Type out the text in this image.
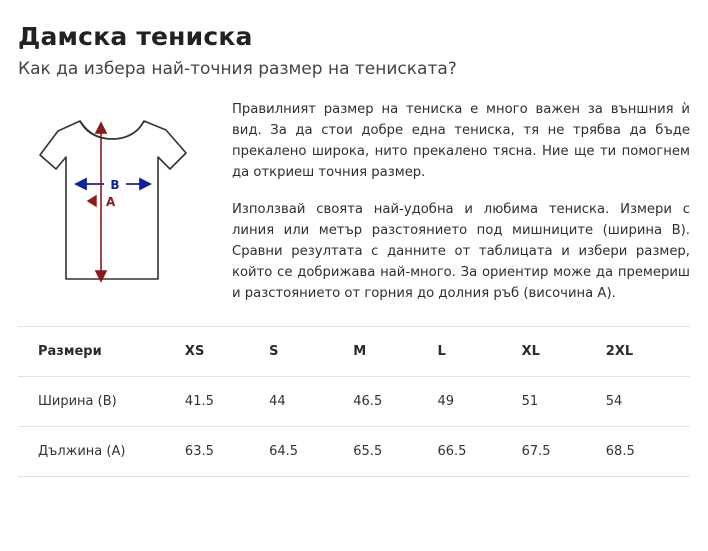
Дамска тениска
Как да избера най-точния размер на тениската?
B
A

Правилният размер на тениска е много важен за външния ѝ вид. За да стои добре една тениска, тя не трябва да бъде прекалено широка, нито прекалено тясна. Ние ще ти помогнем да откриеш точния размер.

Използвай своята най-удобна и любима тениска. Измери с линия или метър разстоянието под мишниците (ширина B). Сравни резултата с данните от таблицата и избери размер, който се добрижава най-много. За ориентир може да премериш и разстоянието от горния до долния ръб (височина A).

Размери	XS	S	M	L	XL	2XL
Ширина (B)	41.5	44	46.5	49	51	54
Дължина (A)	63.5	64.5	65.5	66.5	67.5	68.5
